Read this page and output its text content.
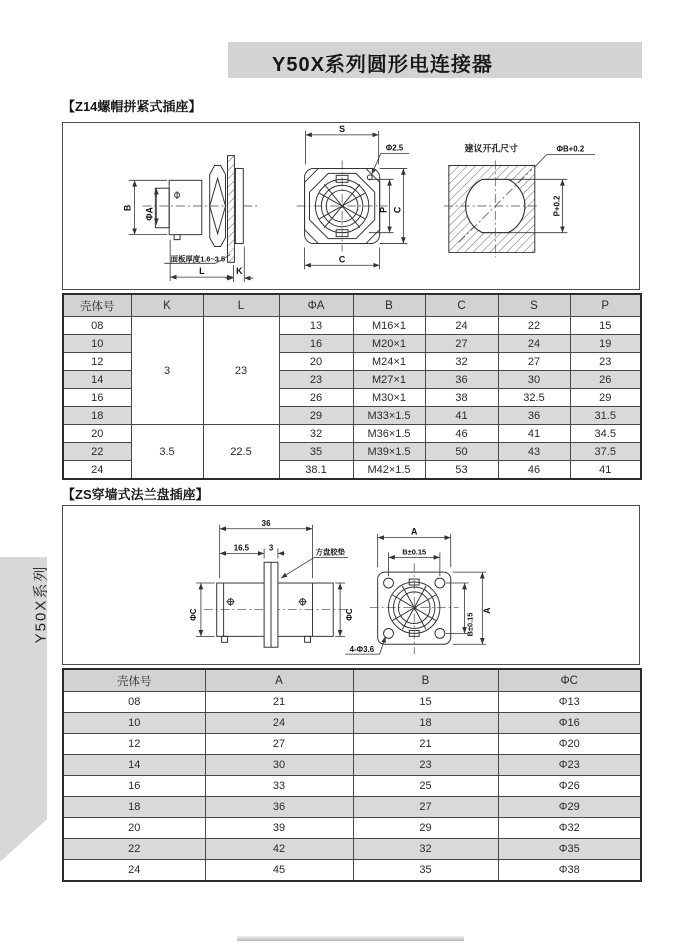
Y50X系列圆形电连接器
【Z14螺帽拼紧式插座】
B ΦA
面板厚度1.6~3.5
L	K
S
Φ2.5
P C
C
建议开孔尺寸	ΦB+0.2
P+0.2
壳体号	K	L	ΦA	B	C	S	P
08	3	23	13	M16×1	24	22	15
10			16	M20×1	27	24	19
12			20	M24×1	32	27	23
14			23	M27×1	36	30	26
16			26	M30×1	38	32.5	29
18			29	M33×1.5	41	36	31.5
20	3.5	22.5	32	M36×1.5	46	41	34.5
22			35	M39×1.5	50	43	37.5
24			38.1	M42×1.5	53	46	41
【ZS穿墙式法兰盘插座】
36
16.5 3	方盘胶垫
ΦC	ΦC
4-Φ3.6
A
B±0.15
B±0.15
A
壳体号	A	B	ΦC
08	21	15	Φ13
10	24	18	Φ16
12	27	21	Φ20
14	30	23	Φ23
16	33	25	Φ26
18	36	27	Φ29
20	39	29	Φ32
22	42	32	Φ35
24	45	35	Φ38
Y50X系列
